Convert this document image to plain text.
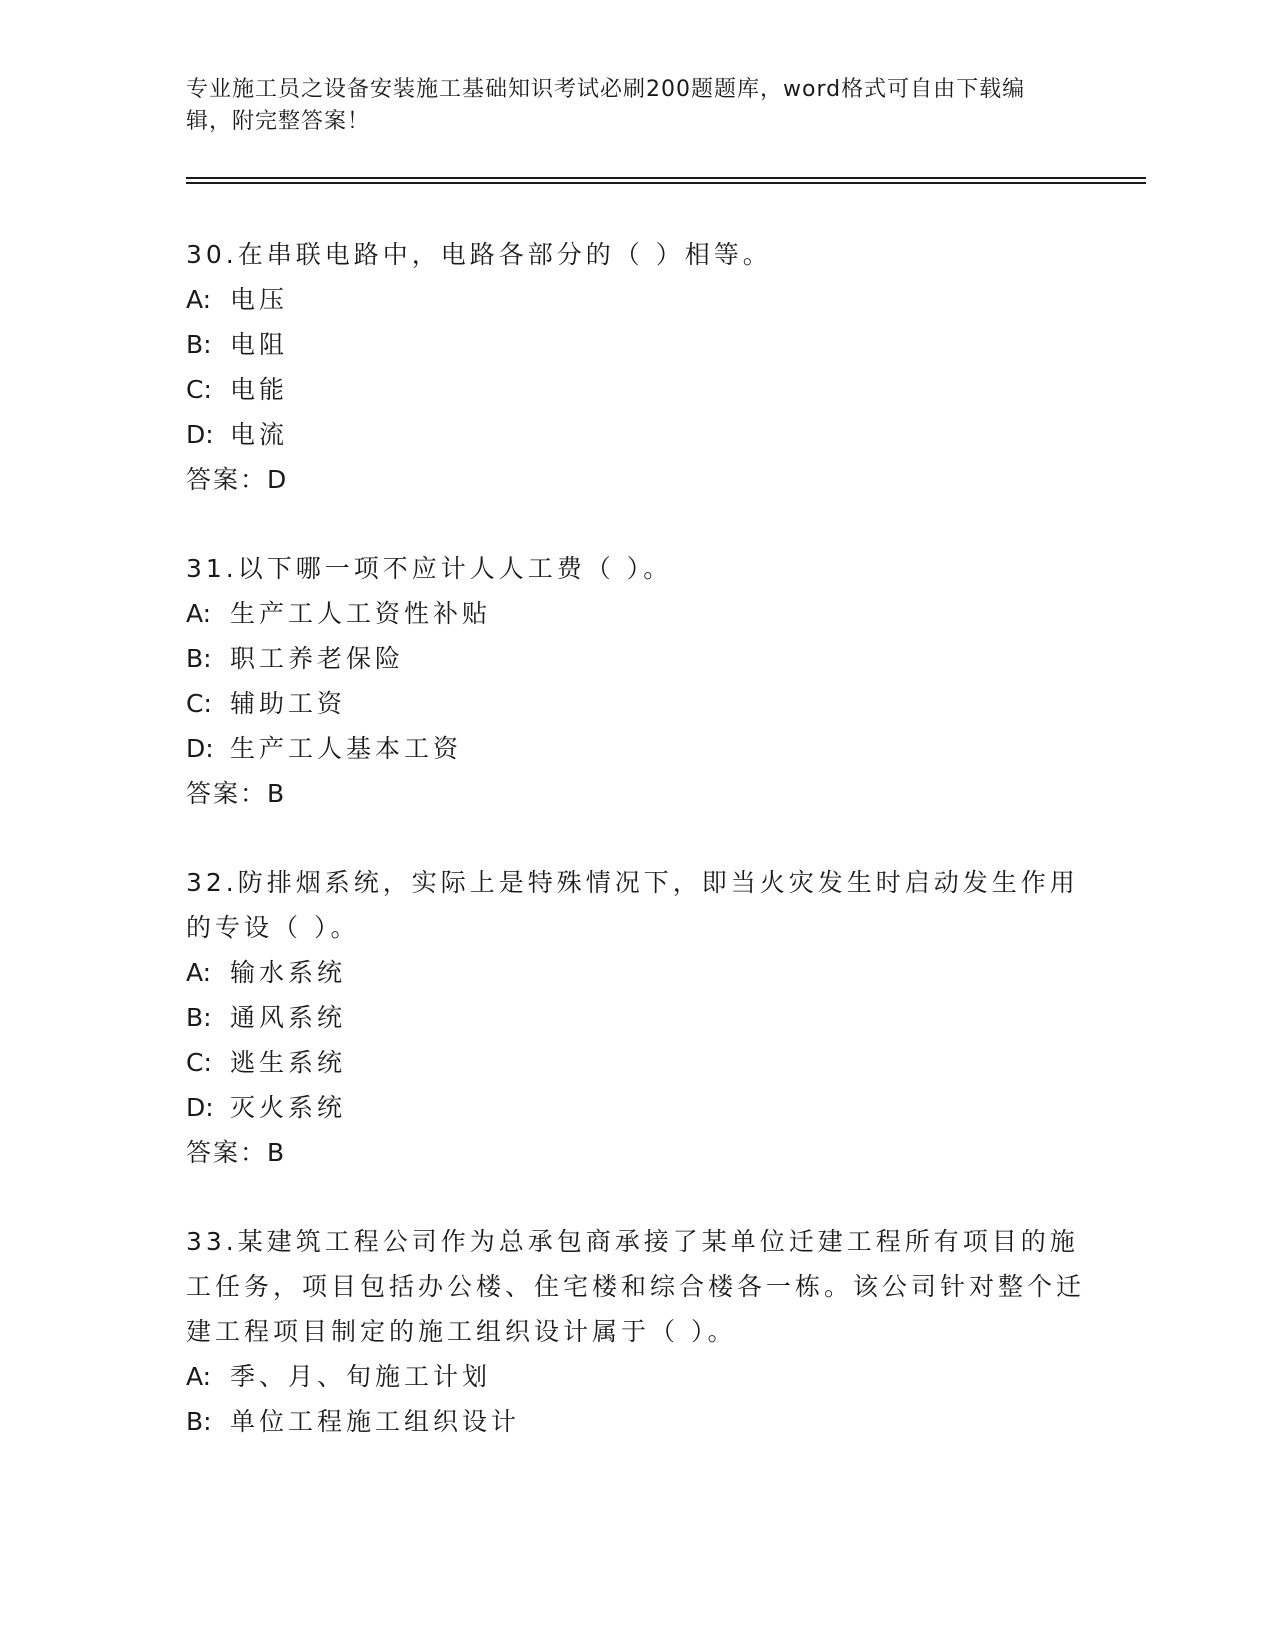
专业施工员之设备安装施工基础知识考试必刷200题题库，word格式可自由下载编辑，附完整答案！

30.在串联电路中，电路各部分的（ ）相等。

A: 电压

B: 电阻

C: 电能

D: 电流

答案：D

31.以下哪一项不应计人人工费（ ）。

A: 生产工人工资性补贴

B: 职工养老保险

C: 辅助工资

D: 生产工人基本工资

答案：B

32.防排烟系统，实际上是特殊情况下，即当火灾发生时启动发生作用的专设（ ）。

A: 输水系统

B: 通风系统

C: 逃生系统

D: 灭火系统

答案：B

33.某建筑工程公司作为总承包商承接了某单位迁建工程所有项目的施工任务，项目包括办公楼、住宅楼和综合楼各一栋。该公司针对整个迁建工程项目制定的施工组织设计属于（ ）。

A: 季、月、旬施工计划

B: 单位工程施工组织设计
